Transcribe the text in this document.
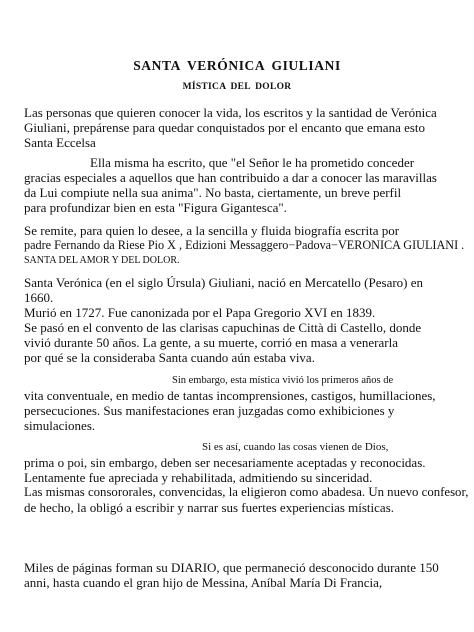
SANTA VERÓNICA GIULIANI
MÍSTICA DEL DOLOR
Las personas que quieren conocer la vida, los escritos y la santidad de Verónica
Giuliani, prepárense para quedar conquistados por el encanto que emana esto
Santa Eccelsa
Ella misma ha escrito, que "el Señor le ha prometido conceder
gracias especiales a aquellos que han contribuido a dar a conocer las maravillas
da Lui compiute nella sua anima". No basta, ciertamente, un breve perfil
para profundizar bien en esta "Figura Gigantesca".
Se remite, para quien lo desee, a la sencilla y fluida biografía escrita por
padre Fernando da Riese Pio X , Edizioni Messaggero−Padova−VERONICA GIULIANI .
SANTA DEL AMOR Y DEL DOLOR.
Santa Verónica (en el siglo Úrsula) Giuliani, nació en Mercatello (Pesaro) en
1660.
Murió en 1727. Fue canonizada por el Papa Gregorio XVI en 1839.
Se pasó en el convento de las clarisas capuchinas de Città di Castello, donde
vivió durante 50 años. La gente, a su muerte, corrió en masa a venerarla
por qué se la consideraba Santa cuando aún estaba viva.
Sin embargo, esta mística vivió los primeros años de
vita conventuale, en medio de tantas incomprensiones, castigos, humillaciones,
persecuciones. Sus manifestaciones eran juzgadas como exhibiciones y
simulaciones.
Si es así, cuando las cosas vienen de Dios,
prima o poi, sin embargo, deben ser necesariamente aceptadas y reconocidas.
Lentamente fue apreciada y rehabilitada, admitiendo su sinceridad.
Las mismas consororales, convencidas, la eligieron como abadesa. Un nuevo confesor,
de hecho, la obligó a escribir y narrar sus fuertes experiencias místicas.
Miles de páginas forman su DIARIO, que permaneció desconocido durante 150
anni, hasta cuando el gran hijo de Messina, Aníbal María Di Francia,
